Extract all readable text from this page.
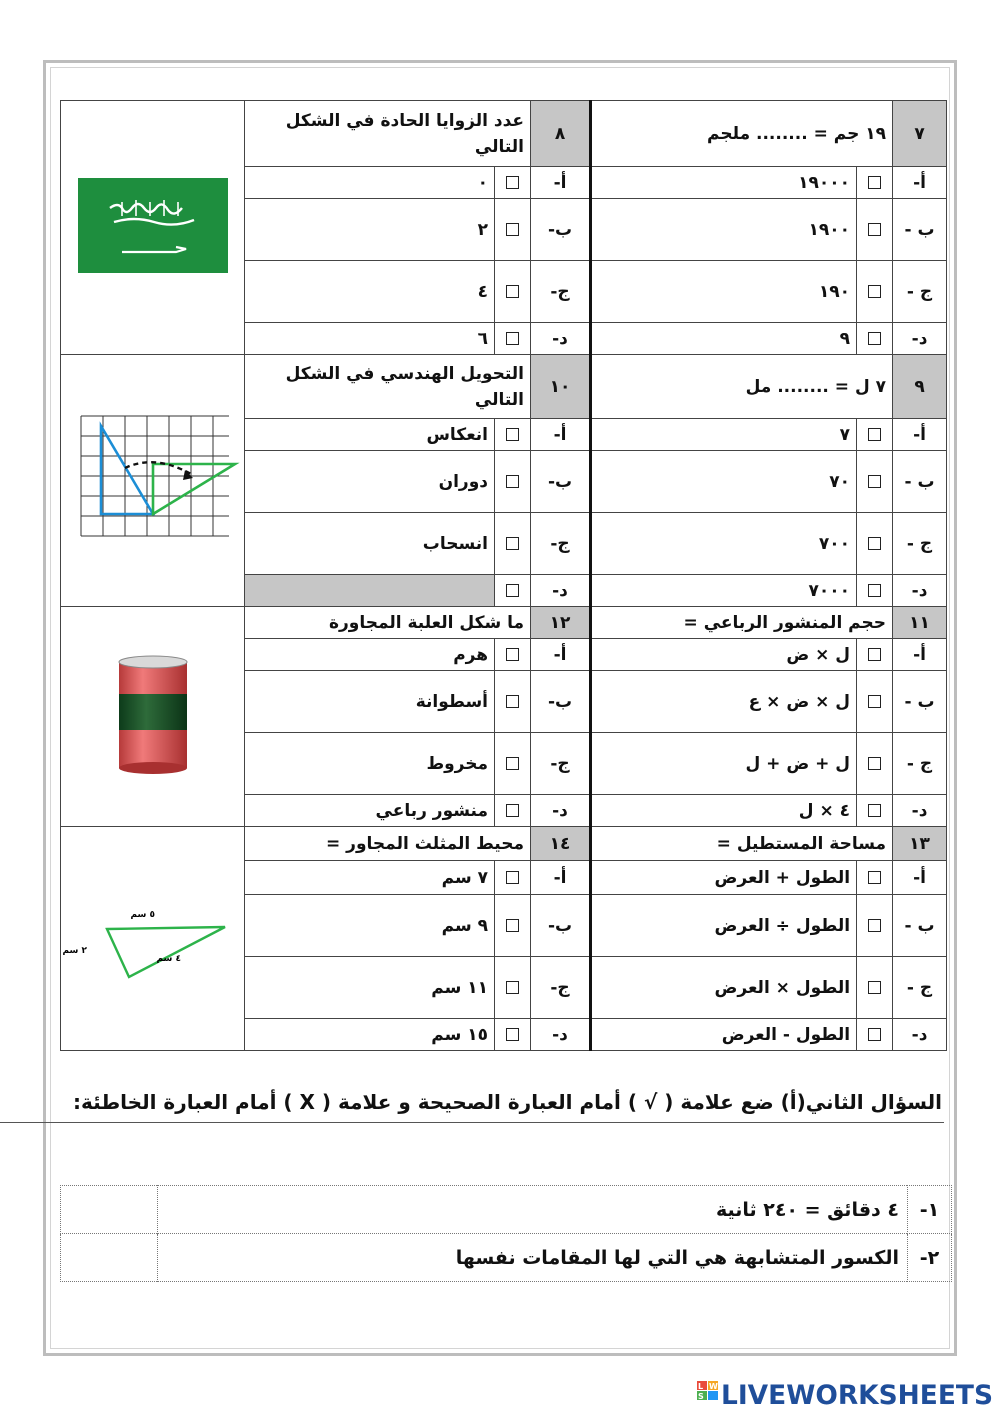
٧	١٩ جم = ........ ملجم		٨	عدد الزوايا الحادة في الشكل التالي	
أ-		١٩٠٠٠	أ-		٠	
ب -		١٩٠٠	ب-		٢	
ج -		١٩٠	ج-		٤	
د-		٩	د-		٦	
٩	٧ ل = ........ مل		١٠	التحويل الهندسي في الشكل التالي	
أ-		٧	أ-		انعكاس	
ب -		٧٠	ب-		دوران	
ج -		٧٠٠	ج-		انسحاب	
د-		٧٠٠٠	د-			
١١	حجم المنشور الرباعي =		١٢	ما شكل العلبة المجاورة	
أ-		ل × ض	أ-		هرم	
ب -		ل × ض × ع	ب-		أسطوانة	
ج -		ل + ض + ل	ج-		مخروط	
د-		٤ × ل	د-		منشور رباعي	
١٣	مساحة المستطيل =		١٤	محيط المثلث المجاور =		٥ سم
٢ سم
٤ سم

أ-		الطول + العرض	أ-		٧ سم	
ب -		الطول ÷ العرض	ب-		٩ سم	
ج -		الطول × العرض	ج-		١١ سم	
د-		الطول - العرض	د-		١٥ سم	
السؤال الثاني(أ) ضع علامة ( √ ) أمام العبارة الصحيحة و علامة ( X ) أمام العبارة الخاطئة:
١-	٤ دقائق = ٢٤٠ ثانية	
٢-	الكسور المتشابهة هي التي لها المقامات نفسها	
L W
S LIVEWORKSHEETS
